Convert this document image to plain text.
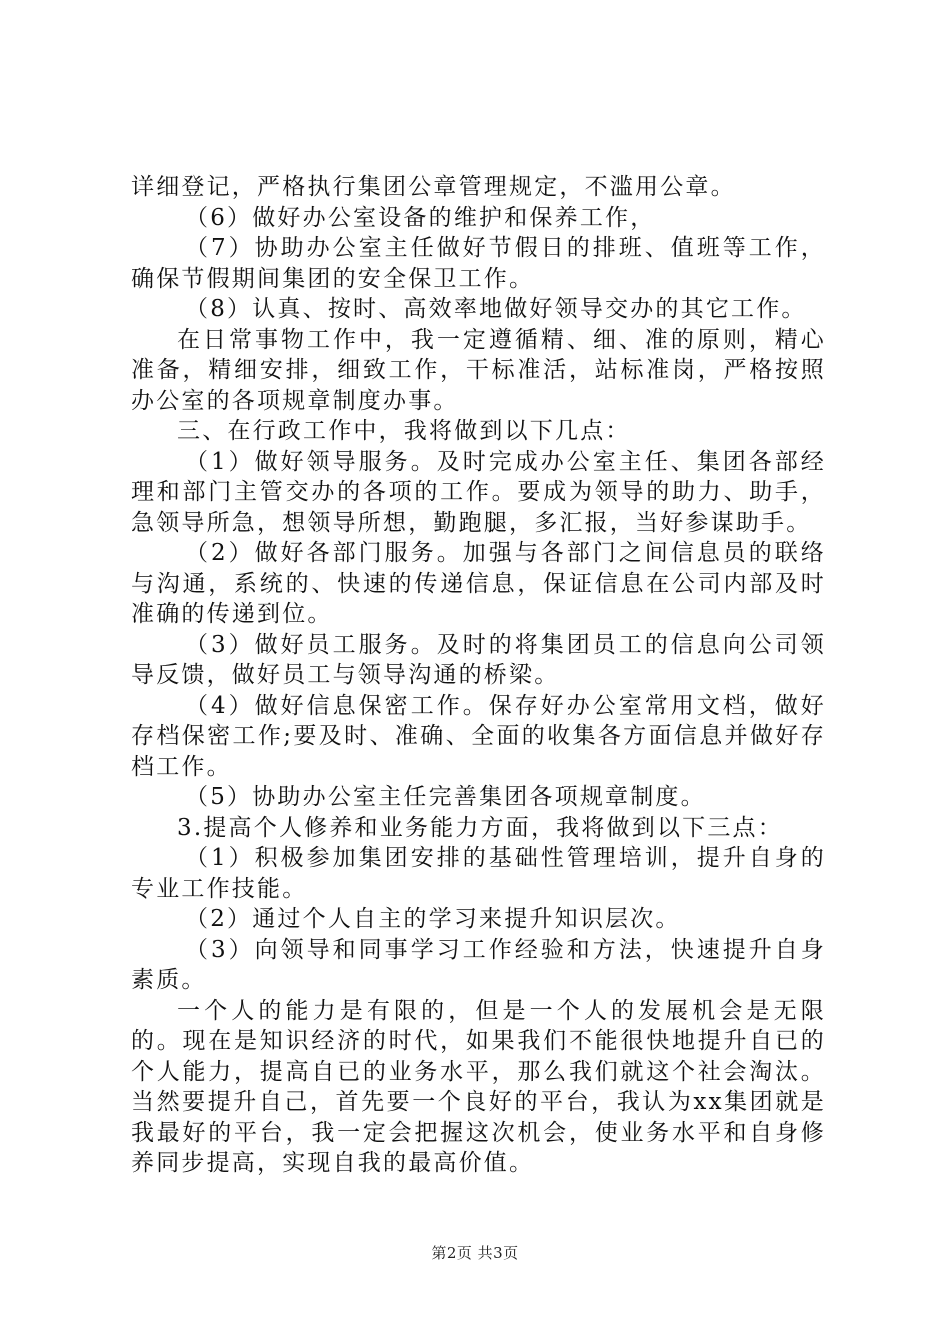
详细登记，严格执行集团公章管理规定，不滥用公章。

（6）做好办公室设备的维护和保养工作，

（7）协助办公室主任做好节假日的排班、值班等工作，确保节假期间集团的安全保卫工作。

（8）认真、按时、高效率地做好领导交办的其它工作。

在日常事物工作中，我一定遵循精、细、准的原则，精心准备，精细安排，细致工作，干标准活，站标准岗，严格按照办公室的各项规章制度办事。

三、在行政工作中，我将做到以下几点：

（1）做好领导服务。及时完成办公室主任、集团各部经理和部门主管交办的各项的工作。要成为领导的助力、助手，急领导所急，想领导所想，勤跑腿，多汇报，当好参谋助手。

（2）做好各部门服务。加强与各部门之间信息员的联络与沟通，系统的、快速的传递信息，保证信息在公司内部及时准确的传递到位。

（3）做好员工服务。及时的将集团员工的信息向公司领导反馈，做好员工与领导沟通的桥梁。

（4）做好信息保密工作。保存好办公室常用文档，做好存档保密工作;要及时、准确、全面的收集各方面信息并做好存档工作。

（5）协助办公室主任完善集团各项规章制度。

3.提高个人修养和业务能力方面，我将做到以下三点：

（1）积极参加集团安排的基础性管理培训，提升自身的专业工作技能。

（2）通过个人自主的学习来提升知识层次。

（3）向领导和同事学习工作经验和方法，快速提升自身素质。

一个人的能力是有限的，但是一个人的发展机会是无限的。现在是知识经济的时代，如果我们不能很快地提升自已的个人能力，提高自已的业务水平，那么我们就这个社会淘汰。当然要提升自己，首先要一个良好的平台，我认为xx集团就是我最好的平台，我一定会把握这次机会，使业务水平和自身修养同步提高，实现自我的最高价值。

第2页 共3页
